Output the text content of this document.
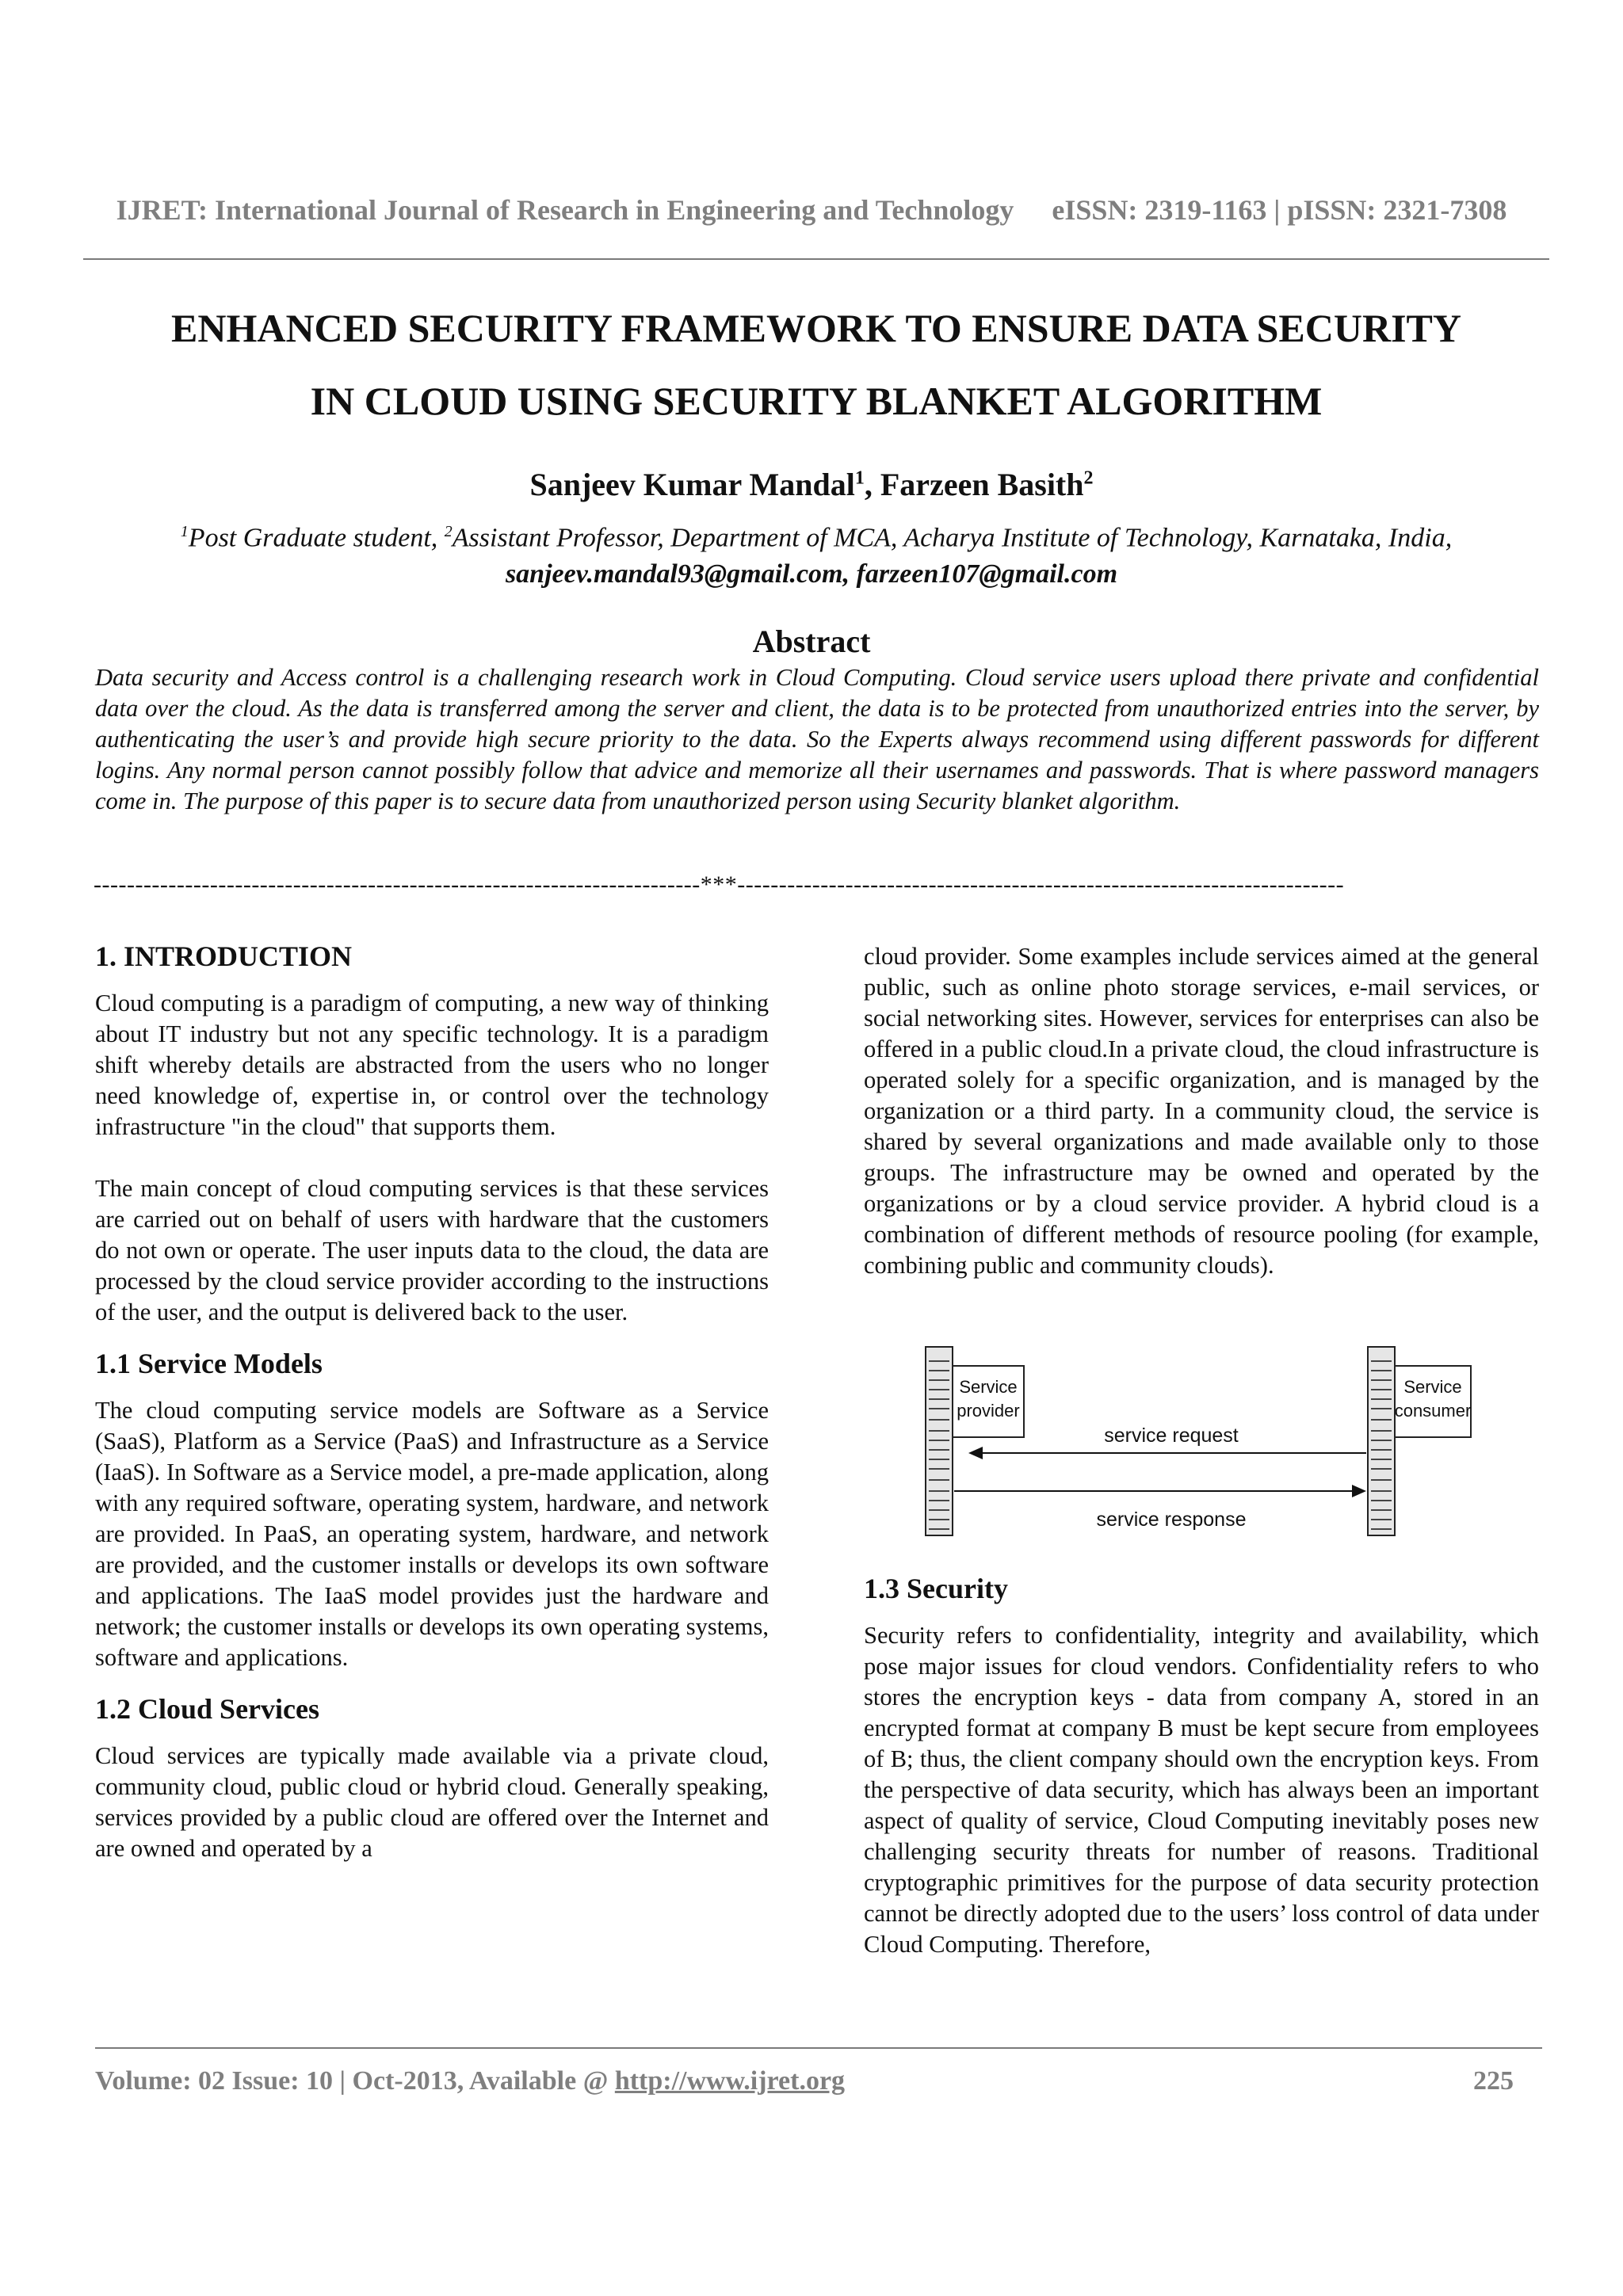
IJRET: International Journal of Research in Engineering and Technology eISSN: 2319-1163 | pISSN: 2321-7308
ENHANCED SECURITY FRAMEWORK TO ENSURE DATA SECURITY
IN CLOUD USING SECURITY BLANKET ALGORITHM
Sanjeev Kumar Mandal$^1$, Farzeen Basith$^2$
$^1$Post Graduate student, $^2$Assistant Professor, Department of MCA, Acharya Institute of Technology, Karnataka, India,
sanjeev.mandal93@gmail.com, farzeen107@gmail.com
Abstract
Data security and Access control is a challenging research work in Cloud Computing. Cloud service users upload there private and confidential data over the cloud. As the data is transferred among the server and client, the data is to be protected from unauthorized entries into the server, by authenticating the user’s and provide high secure priority to the data. So the Experts always recommend using different passwords for different logins. Any normal person cannot possibly follow that advice and memorize all their usernames and passwords. That is where password managers come in. The purpose of this paper is to secure data from unauthorized person using Security blanket algorithm.
-------------------------------------------------------------------------***-------------------------------------------------------------------------
1. INTRODUCTION

Cloud computing is a paradigm of computing, a new way of thinking about IT industry but not any specific technology. It is a paradigm shift whereby details are abstracted from the users who no longer need knowledge of, expertise in, or control over the technology infrastructure "in the cloud" that supports them.

The main concept of cloud computing services is that these services are carried out on behalf of users with hardware that the customers do not own or operate. The user inputs data to the cloud, the data are processed by the cloud service provider according to the instructions of the user, and the output is delivered back to the user.

1.1 Service Models

The cloud computing service models are Software as a Service (SaaS), Platform as a Service (PaaS) and Infrastructure as a Service (IaaS). In Software as a Service model, a pre-made application, along with any required software, operating system, hardware, and network are provided. In PaaS, an operating system, hardware, and network are provided, and the customer installs or develops its own software and applications. The IaaS model provides just the hardware and network; the customer installs or develops its own operating systems, software and applications.

1.2 Cloud Services

Cloud services are typically made available via a private cloud, community cloud, public cloud or hybrid cloud. Generally speaking, services provided by a public cloud are offered over the Internet and are owned and operated by a

cloud provider. Some examples include services aimed at the general public, such as online photo storage services, e-mail services, or social networking sites. However, services for enterprises can also be offered in a public cloud.In a private cloud, the cloud infrastructure is operated solely for a specific organization, and is managed by the organization or a third party. In a community cloud, the service is shared by several organizations and made available only to those groups. The infrastructure may be owned and operated by the organizations or by a cloud service provider. A hybrid cloud is a combination of different methods of resource pooling (for example, combining public and community clouds).

Service
provider
Service
consumer
service request
service response
1.3 Security

Security refers to confidentiality, integrity and availability, which pose major issues for cloud vendors. Confidentiality refers to who stores the encryption keys - data from company A, stored in an encrypted format at company B must be kept secure from employees of B; thus, the client company should own the encryption keys. From the perspective of data security, which has always been an important aspect of quality of service, Cloud Computing inevitably poses new challenging security threats for number of reasons. Traditional cryptographic primitives for the purpose of data security protection cannot be directly adopted due to the users’ loss control of data under Cloud Computing. Therefore,

Volume: 02 Issue: 10 | Oct-2013, Available @ http://www.ijret.org	225
